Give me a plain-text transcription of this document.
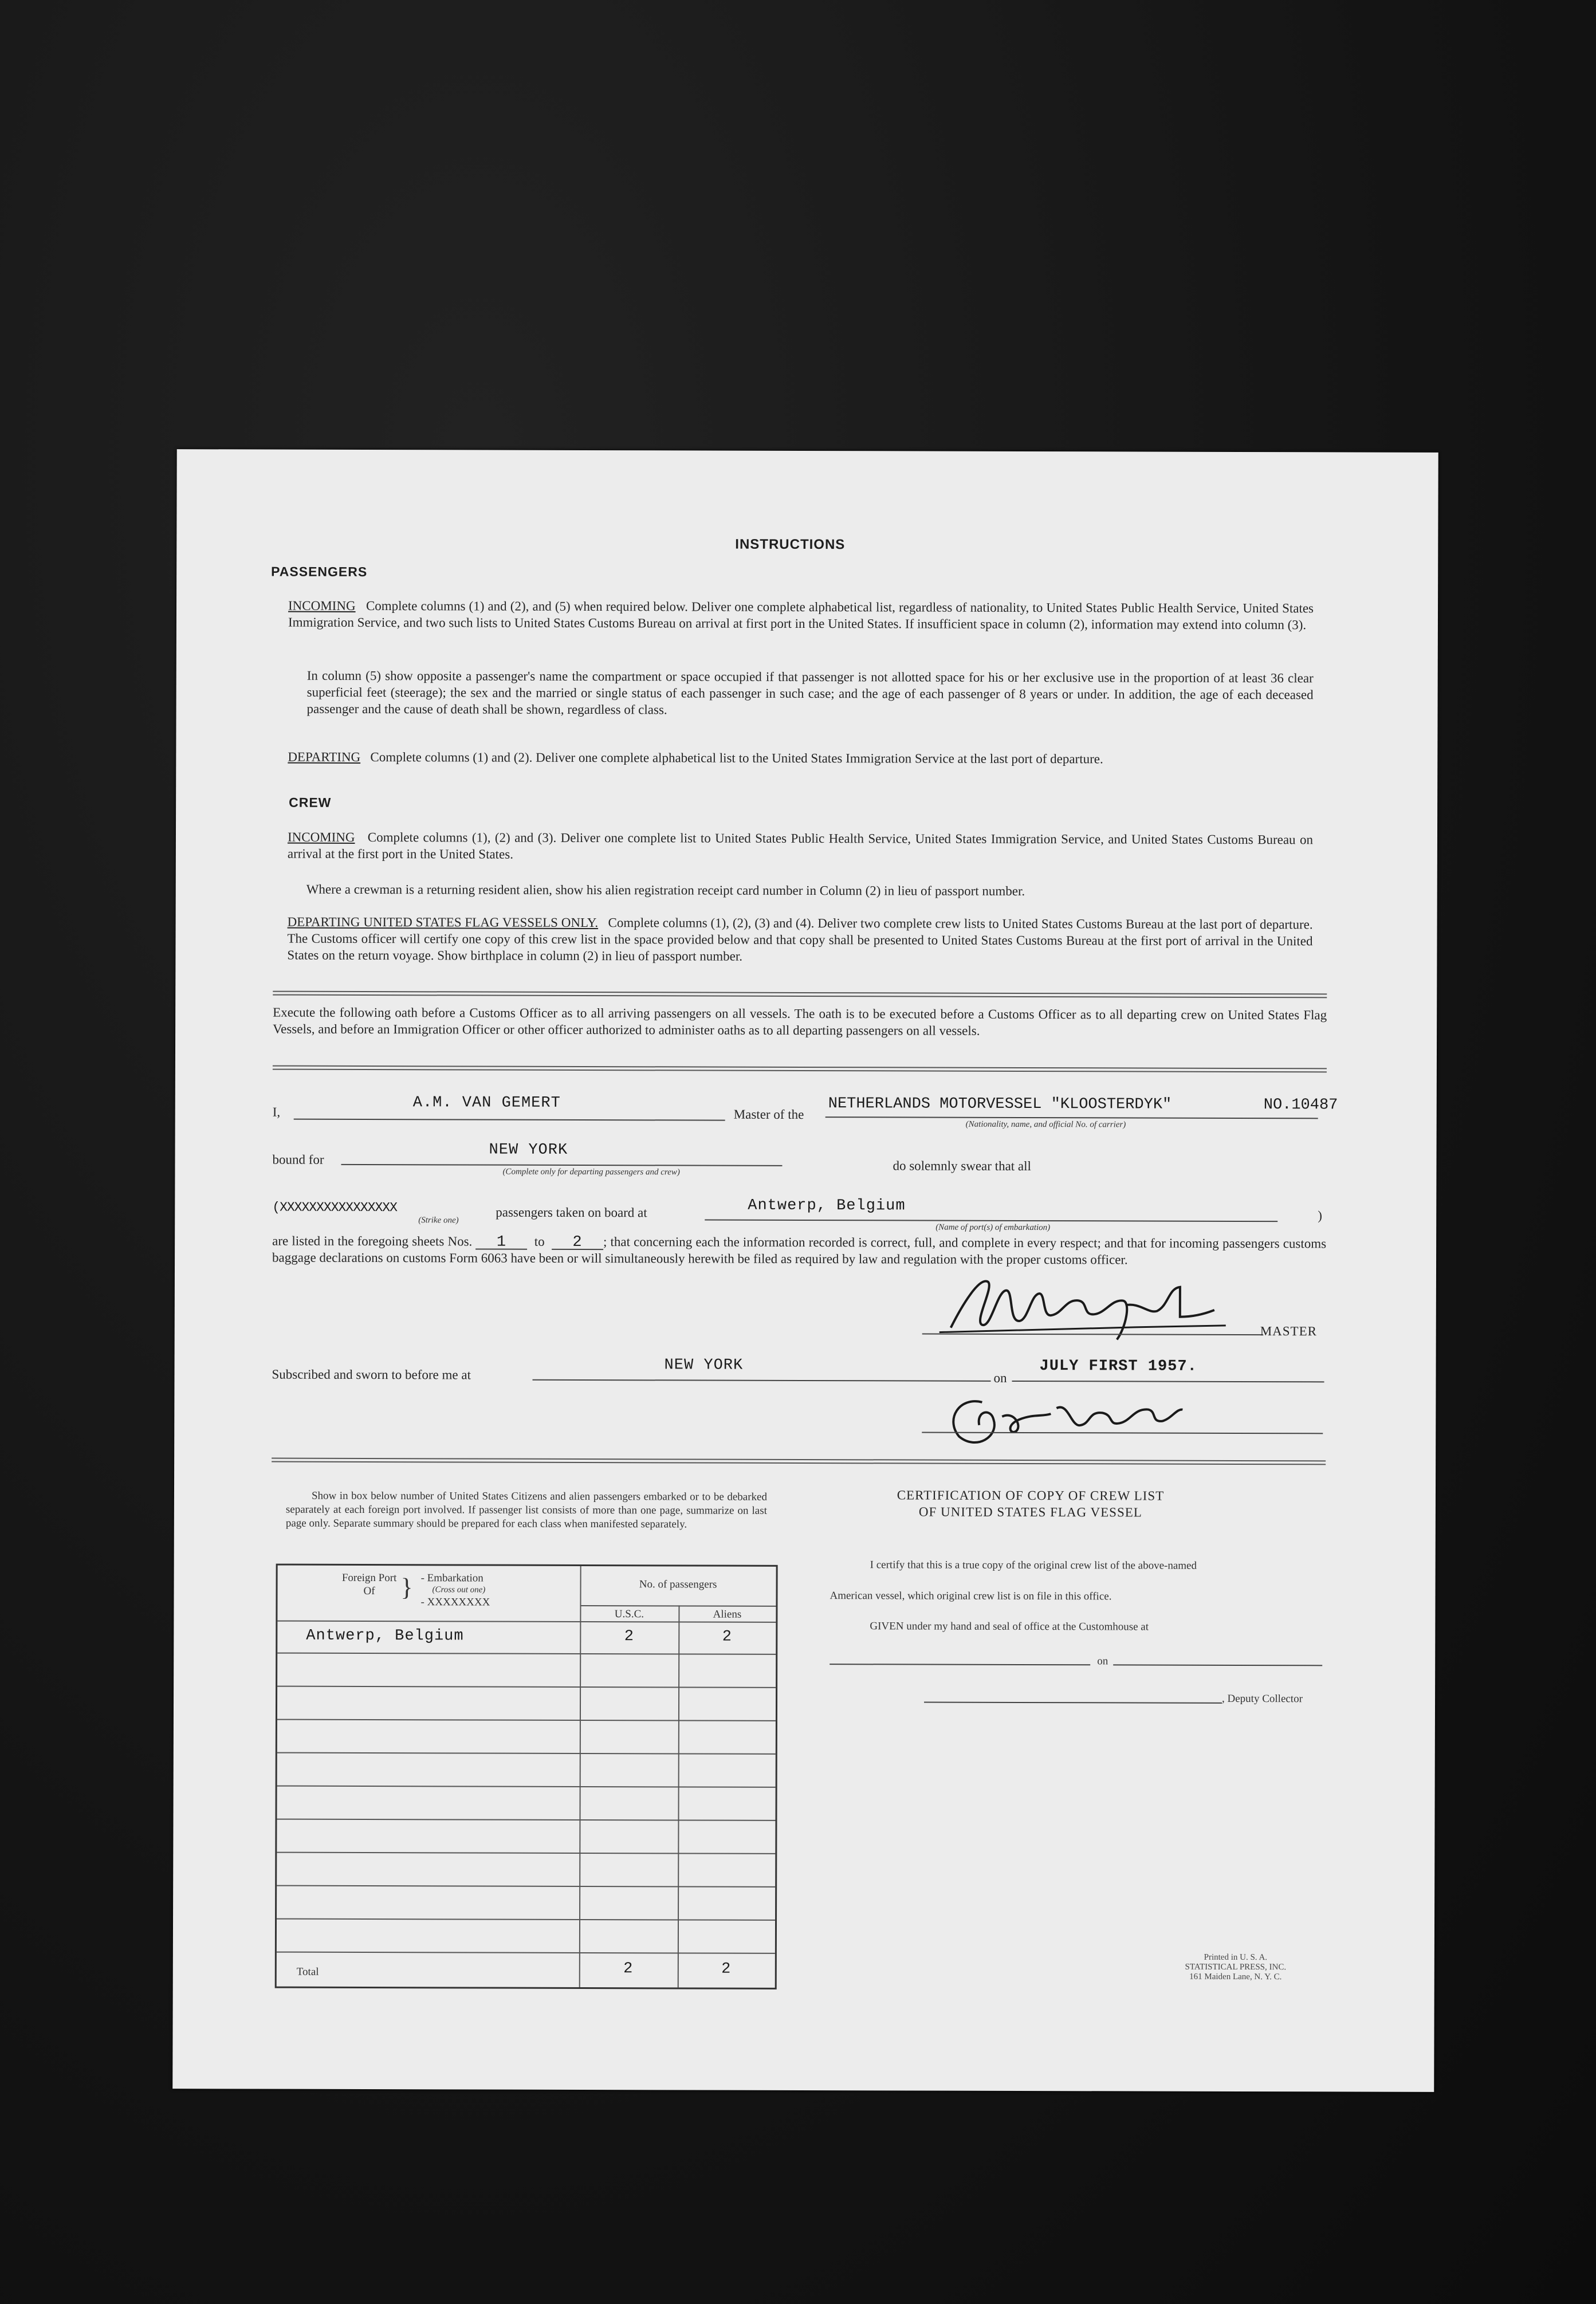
INSTRUCTIONS
PASSENGERS
INCOMING Complete columns (1) and (2), and (5) when required below. Deliver one complete alphabetical list, regardless of nationality, to United States Public Health Service, United States Immigration Service, and two such lists to United States Customs Bureau on arrival at first port in the United States. If insufficient space in column (2), information may extend into column (3).
In column (5) show opposite a passenger's name the compartment or space occupied if that passenger is not allotted space for his or her exclusive use in the proportion of at least 36 clear superficial feet (steerage); the sex and the married or single status of each passenger in such case; and the age of each passenger of 8 years or under. In addition, the age of each deceased passenger and the cause of death shall be shown, regardless of class.
DEPARTING Complete columns (1) and (2). Deliver one complete alphabetical list to the United States Immigration Service at the last port of departure.
CREW
INCOMING Complete columns (1), (2) and (3). Deliver one complete list to United States Public Health Service, United States Immigration Service, and United States Customs Bureau on arrival at the first port in the United States.
Where a crewman is a returning resident alien, show his alien registration receipt card number in Column (2) in lieu of passport number.
DEPARTING UNITED STATES FLAG VESSELS ONLY. Complete columns (1), (2), (3) and (4). Deliver two complete crew lists to United States Customs Bureau at the last port of departure. The Customs officer will certify one copy of this crew list in the space provided below and that copy shall be presented to United States Customs Bureau at the first port of arrival in the United States on the return voyage. Show birthplace in column (2) in lieu of passport number.
Execute the following oath before a Customs Officer as to all arriving passengers on all vessels. The oath is to be executed before a Customs Officer as to all departing crew on United States Flag Vessels, and before an Immigration Officer or other officer authorized to administer oaths as to all departing passengers on all vessels.
I,
A.M. VAN GEMERT
Master of the
NETHERLANDS MOTORVESSEL "KLOOSTERDYK"	NO.10487
(Nationality, name, and official No. of carrier)
bound for
NEW YORK
(Complete only for departing passengers and crew)	do solemnly swear that all
(XXXXXXXXXXXXXXXX
(Strike one)
passengers taken on board at	Antwerp, Belgium
(Name of port(s) of embarkation)
)
are listed in the foregoing sheets Nos. 1 to 2 ; that concerning each the information recorded is correct, full, and complete in every respect; and that for incoming passengers customs baggage declarations on customs Form 6063 have been or will simultaneously herewith be filed as required by law and regulation with the proper customs officer.
MASTER
Subscribed and sworn to before me at
NEW YORK
on
JULY FIRST 1957.
Show in box below number of United States Citizens and alien passengers embarked or to be debarked separately at each foreign port involved. If passenger list consists of more than one page, summarize on last page only. Separate summary should be prepared for each class when manifested separately.
Foreign Port Of	} - Embarkation
(Cross out one)
- XXXXXXXX
No. of passengers
U.S.C.	Aliens
Antwerp, Belgium	2	2
Total	2	2
CERTIFICATION OF COPY OF CREW LIST
OF UNITED STATES FLAG VESSEL
I certify that this is a true copy of the original crew list of the above-named
American vessel, which original crew list is on file in this office.
GIVEN under my hand and seal of office at the Customhouse at
on
, Deputy Collector
Printed in U. S. A.
STATISTICAL PRESS, INC.
161 Maiden Lane, N. Y. C.
